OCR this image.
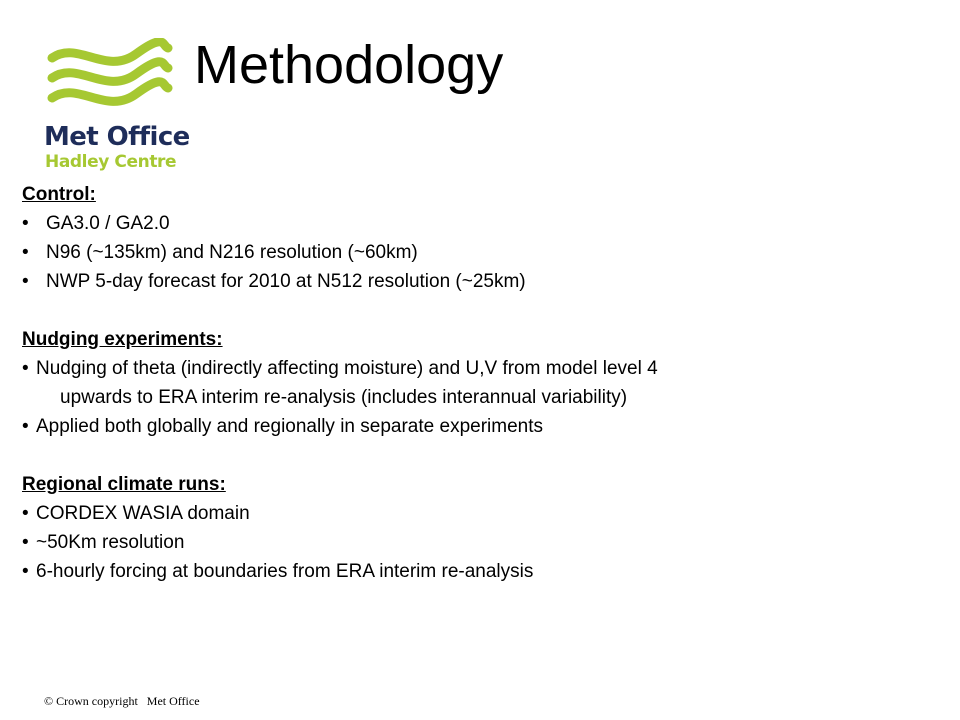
Met Office
Hadley Centre
Methodology
Control:
• GA3.0 / GA2.0
• N96 (~135km) and N216 resolution (~60km)
• NWP 5-day forecast for 2010 at N512 resolution (~25km)
Nudging experiments:
• Nudging of theta (indirectly affecting moisture) and U,V from model level 4
upwards to ERA interim re-analysis (includes interannual variability)
• Applied both globally and regionally in separate experiments
Regional climate runs:
• CORDEX WASIA domain
• ~50Km resolution
• 6-hourly forcing at boundaries from ERA interim re-analysis
© Crown copyright   Met Office
